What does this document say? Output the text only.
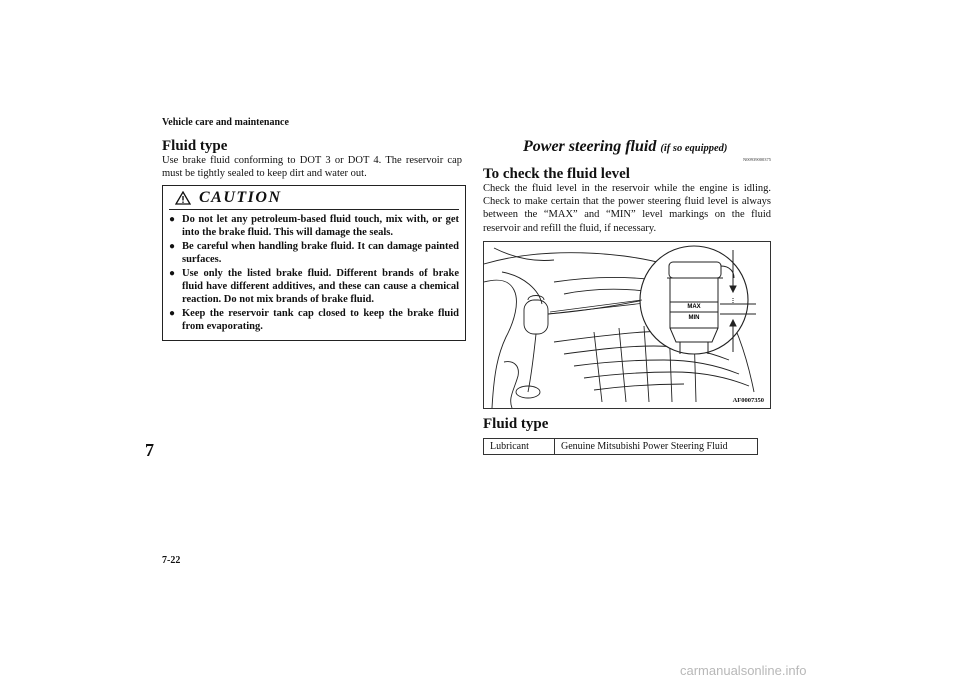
Vehicle care and maintenance
Fluid type

Use brake fluid conforming to DOT 3 or DOT 4. The reservoir cap must be tightly sealed to keep dirt and water out.

CAUTION
● Do not let any petroleum-based fluid touch, mix with, or get into the brake fluid. This will damage the seals.
● Be careful when handling brake fluid. It can damage painted surfaces.
● Use only the listed brake fluid. Different brands of brake fluid have different additives, and these can cause a chemical reaction. Do not mix brands of brake fluid.
● Keep the reservoir tank cap closed to keep the brake fluid from evaporating.
Power steering fluid (if so equipped)
N00939000375
To check the fluid level

Check the fluid level in the reservoir while the engine is idling. Check to make certain that the power steering fluid level is always between the “MAX” and “MIN” level markings on the fluid reservoir and refill the fluid, if necessary.

MAX
MIN
AF0007350
Fluid type
Lubricant	Genuine Mitsubishi Power Steering Fluid
7
7-22
carmanualsonline.info
